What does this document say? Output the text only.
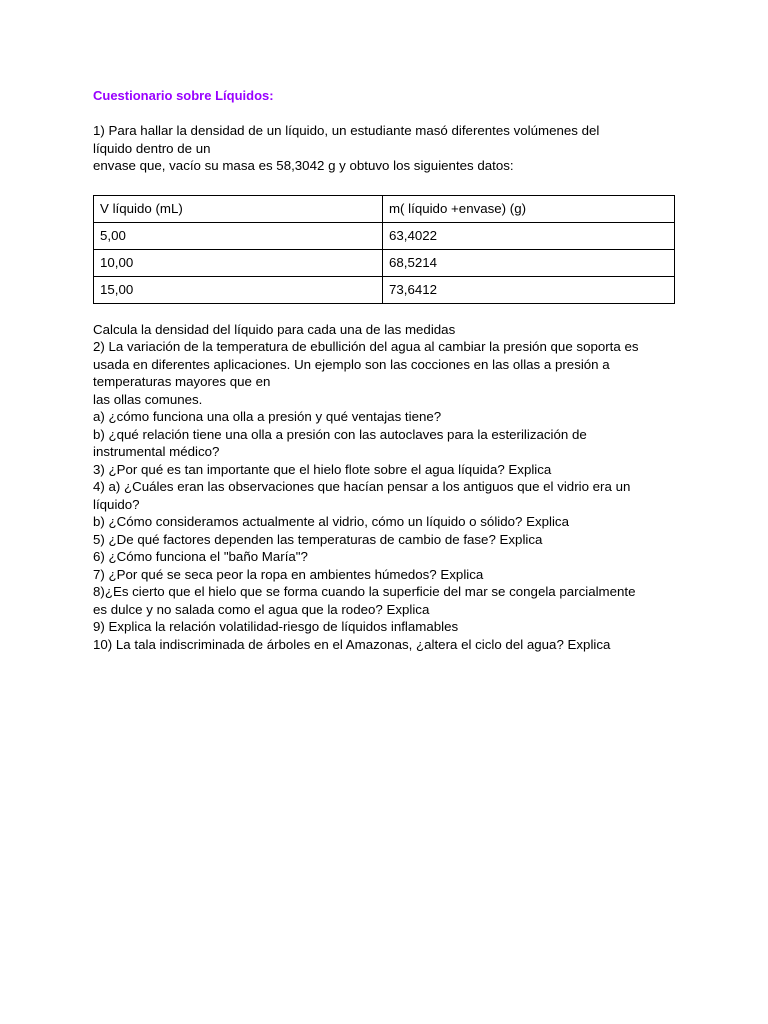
Cuestionario sobre Líquidos:

1) Para hallar la densidad de un líquido, un estudiante masó diferentes volúmenes del
líquido dentro de un
envase que, vacío su masa es 58,3042 g y obtuvo los siguientes datos:
V líquido (mL)	m( líquido +envase) (g)
5,00	63,4022
10,00	68,5214
15,00	73,6412
Calcula la densidad del líquido para cada una de las medidas
2) La variación de la temperatura de ebullición del agua al cambiar la presión que soporta es
usada en diferentes aplicaciones. Un ejemplo son las cocciones en las ollas a presión a
temperaturas mayores que en
las ollas comunes.
a) ¿cómo funciona una olla a presión y qué ventajas tiene?
b) ¿qué relación tiene una olla a presión con las autoclaves para la esterilización de
instrumental médico?
3) ¿Por qué es tan importante que el hielo flote sobre el agua líquida? Explica
4) a) ¿Cuáles eran las observaciones que hacían pensar a los antiguos que el vidrio era un
líquido?
b) ¿Cómo consideramos actualmente al vidrio, cómo un líquido o sólido? Explica
5) ¿De qué factores dependen las temperaturas de cambio de fase? Explica
6) ¿Cómo funciona el "baño María"?
7) ¿Por qué se seca peor la ropa en ambientes húmedos? Explica
8)¿Es cierto que el hielo que se forma cuando la superficie del mar se congela parcialmente
es dulce y no salada como el agua que la rodeo? Explica
9) Explica la relación volatilidad-riesgo de líquidos inflamables
10) La tala indiscriminada de árboles en el Amazonas, ¿altera el ciclo del agua? Explica
